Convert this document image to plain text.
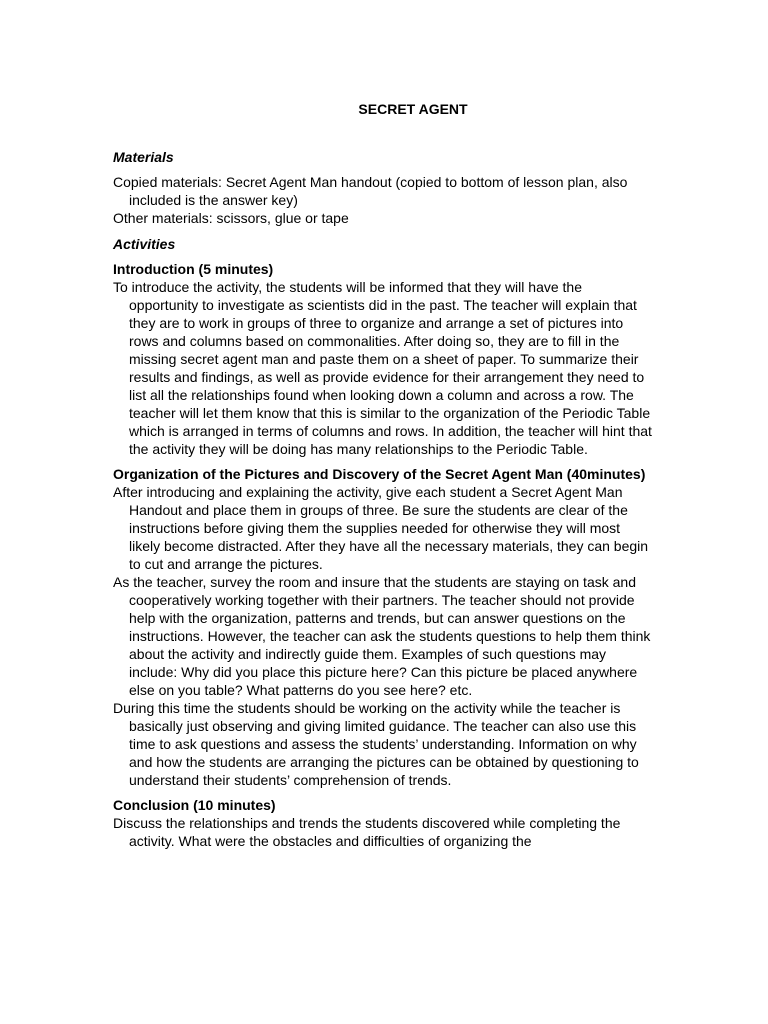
SECRET AGENT
Materials

Copied materials: Secret Agent Man handout (copied to bottom of lesson plan, also included is the answer key)

Other materials: scissors, glue or tape

Activities
Introduction (5 minutes)

To introduce the activity, the students will be informed that they will have the opportunity to investigate as scientists did in the past. The teacher will explain that they are to work in groups of three to organize and arrange a set of pictures into rows and columns based on commonalities. After doing so, they are to fill in the missing secret agent man and paste them on a sheet of paper. To summarize their results and findings, as well as provide evidence for their arrangement they need to list all the relationships found when looking down a column and across a row. The teacher will let them know that this is similar to the organization of the Periodic Table which is arranged in terms of columns and rows. In addition, the teacher will hint that the activity they will be doing has many relationships to the Periodic Table.

Organization of the Pictures and Discovery of the Secret Agent Man (40minutes)

After introducing and explaining the activity, give each student a Secret Agent Man Handout and place them in groups of three. Be sure the students are clear of the instructions before giving them the supplies needed for otherwise they will most likely become distracted. After they have all the necessary materials, they can begin to cut and arrange the pictures.

As the teacher, survey the room and insure that the students are staying on task and cooperatively working together with their partners. The teacher should not provide help with the organization, patterns and trends, but can answer questions on the instructions. However, the teacher can ask the students questions to help them think about the activity and indirectly guide them. Examples of such questions may include: Why did you place this picture here? Can this picture be placed anywhere else on you table? What patterns do you see here? etc.

During this time the students should be working on the activity while the teacher is basically just observing and giving limited guidance. The teacher can also use this time to ask questions and assess the students’ understanding. Information on why and how the students are arranging the pictures can be obtained by questioning to understand their students’ comprehension of trends.

Conclusion (10 minutes)

Discuss the relationships and trends the students discovered while completing the activity. What were the obstacles and difficulties of organizing the
